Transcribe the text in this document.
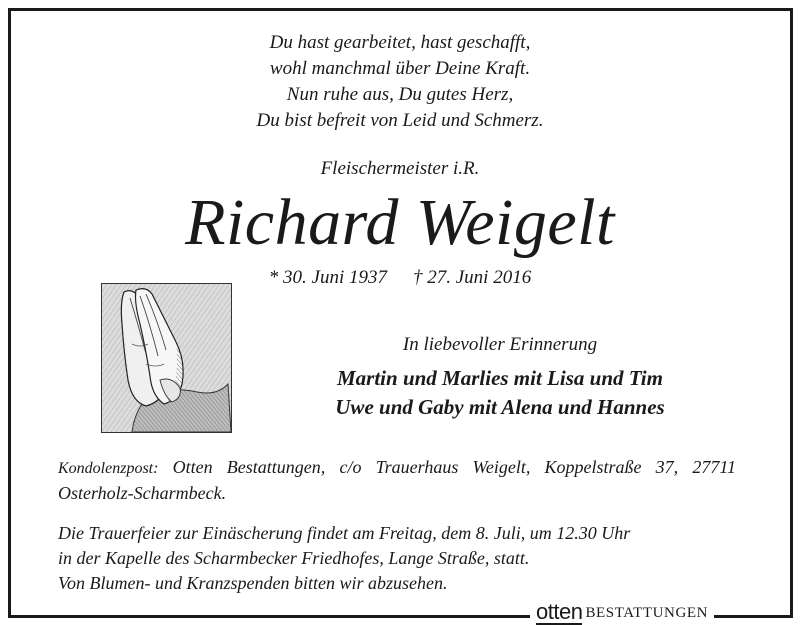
Du hast gearbeitet, hast geschafft,
wohl manchmal über Deine Kraft.
Nun ruhe aus, Du gutes Herz,
Du bist befreit von Leid und Schmerz.
Fleischermeister i.R.
Richard Weigelt
* 30. Juni 1937 † 27. Juni 2016
In liebevoller Erinnerung
Martin und Marlies mit Lisa und Tim
Uwe und Gaby mit Alena und Hannes
Kondolenzpost: Otten Bestattungen, c/o Trauerhaus Weigelt, Koppelstraße 37, 27711 Osterholz-Scharmbeck.
Die Trauerfeier zur Einäscherung findet am Freitag, dem 8. Juli, um 12.30 Uhr
in der Kapelle des Scharmbecker Friedhofes, Lange Straße, statt.
Von Blumen- und Kranzspenden bitten wir abzusehen.
otten BESTATTUNGEN
